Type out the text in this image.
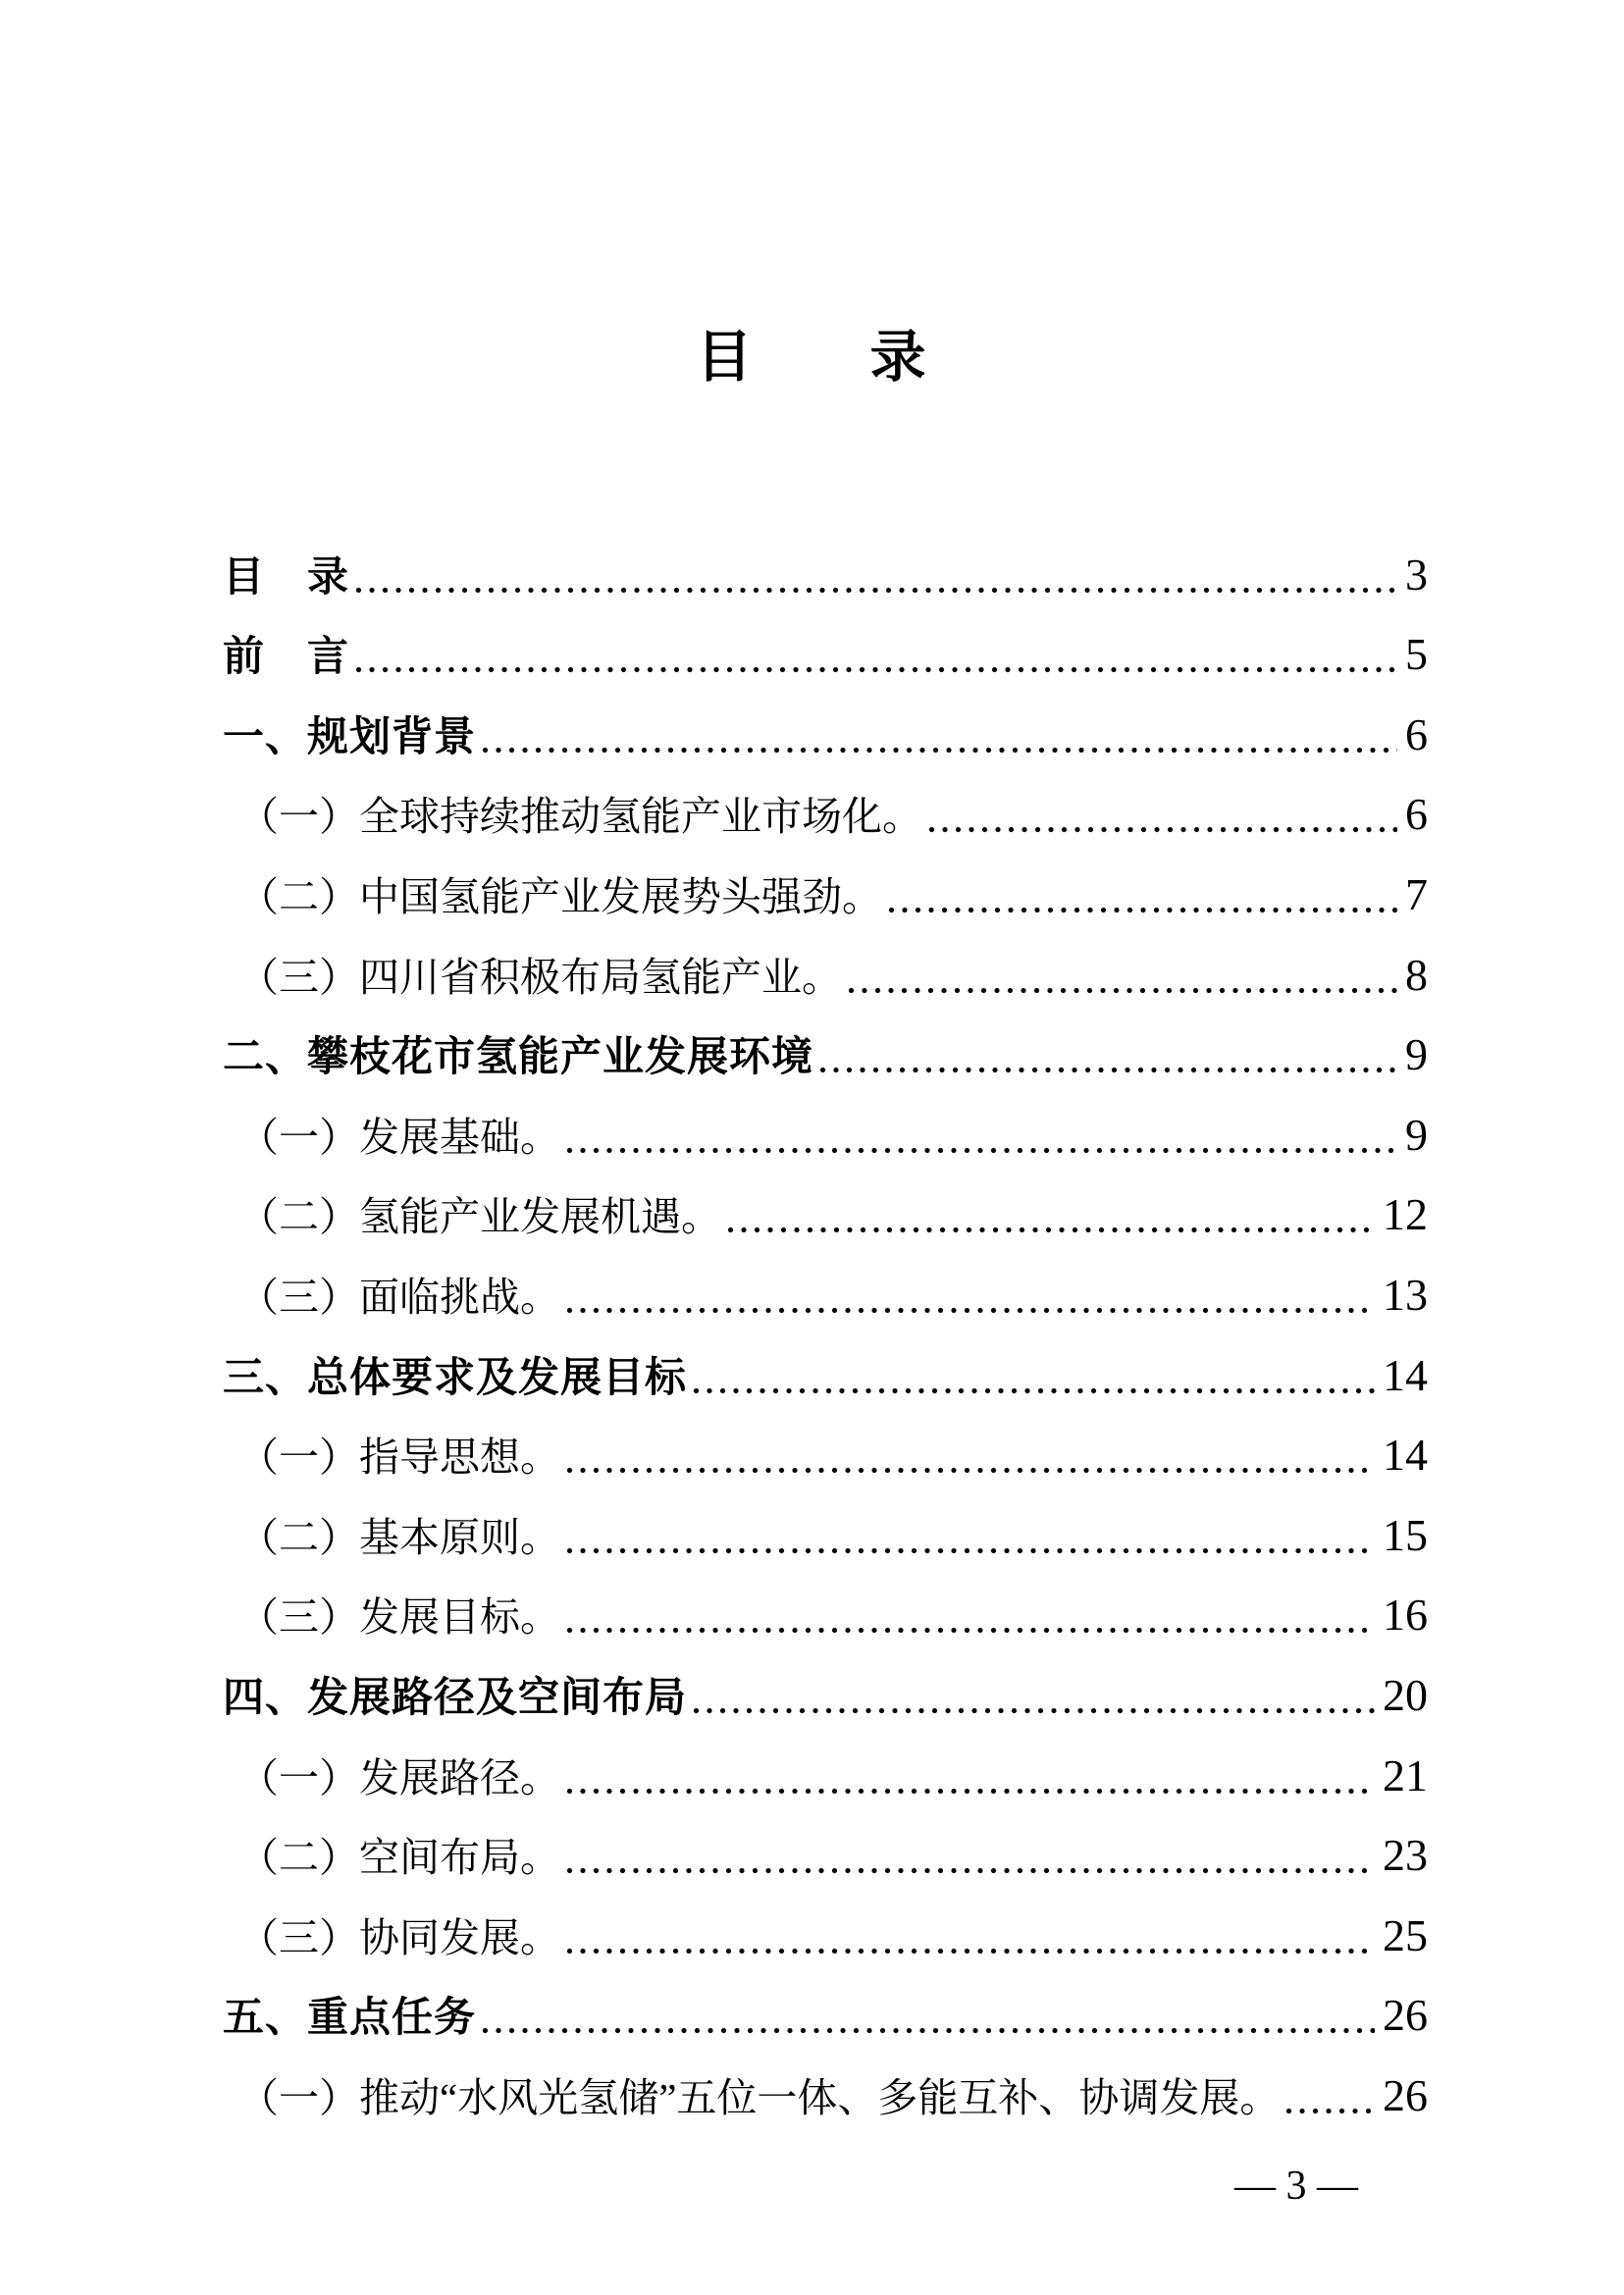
目　　录
目　录	3
前　言	5
一、规划背景	6
（一）全球持续推动氢能产业市场化。	6
（二）中国氢能产业发展势头强劲。	7
（三）四川省积极布局氢能产业。	8
二、攀枝花市氢能产业发展环境	9
（一）发展基础。	9
（二）氢能产业发展机遇。	12
（三）面临挑战。	13
三、总体要求及发展目标	14
（一）指导思想。	14
（二）基本原则。	15
（三）发展目标。	16
四、发展路径及空间布局	20
（一）发展路径。	21
（二）空间布局。	23
（三）协同发展。	25
五、重点任务	26
（一）推动“水风光氢储”五位一体、多能互补、协调发展。 26
— 3 —
